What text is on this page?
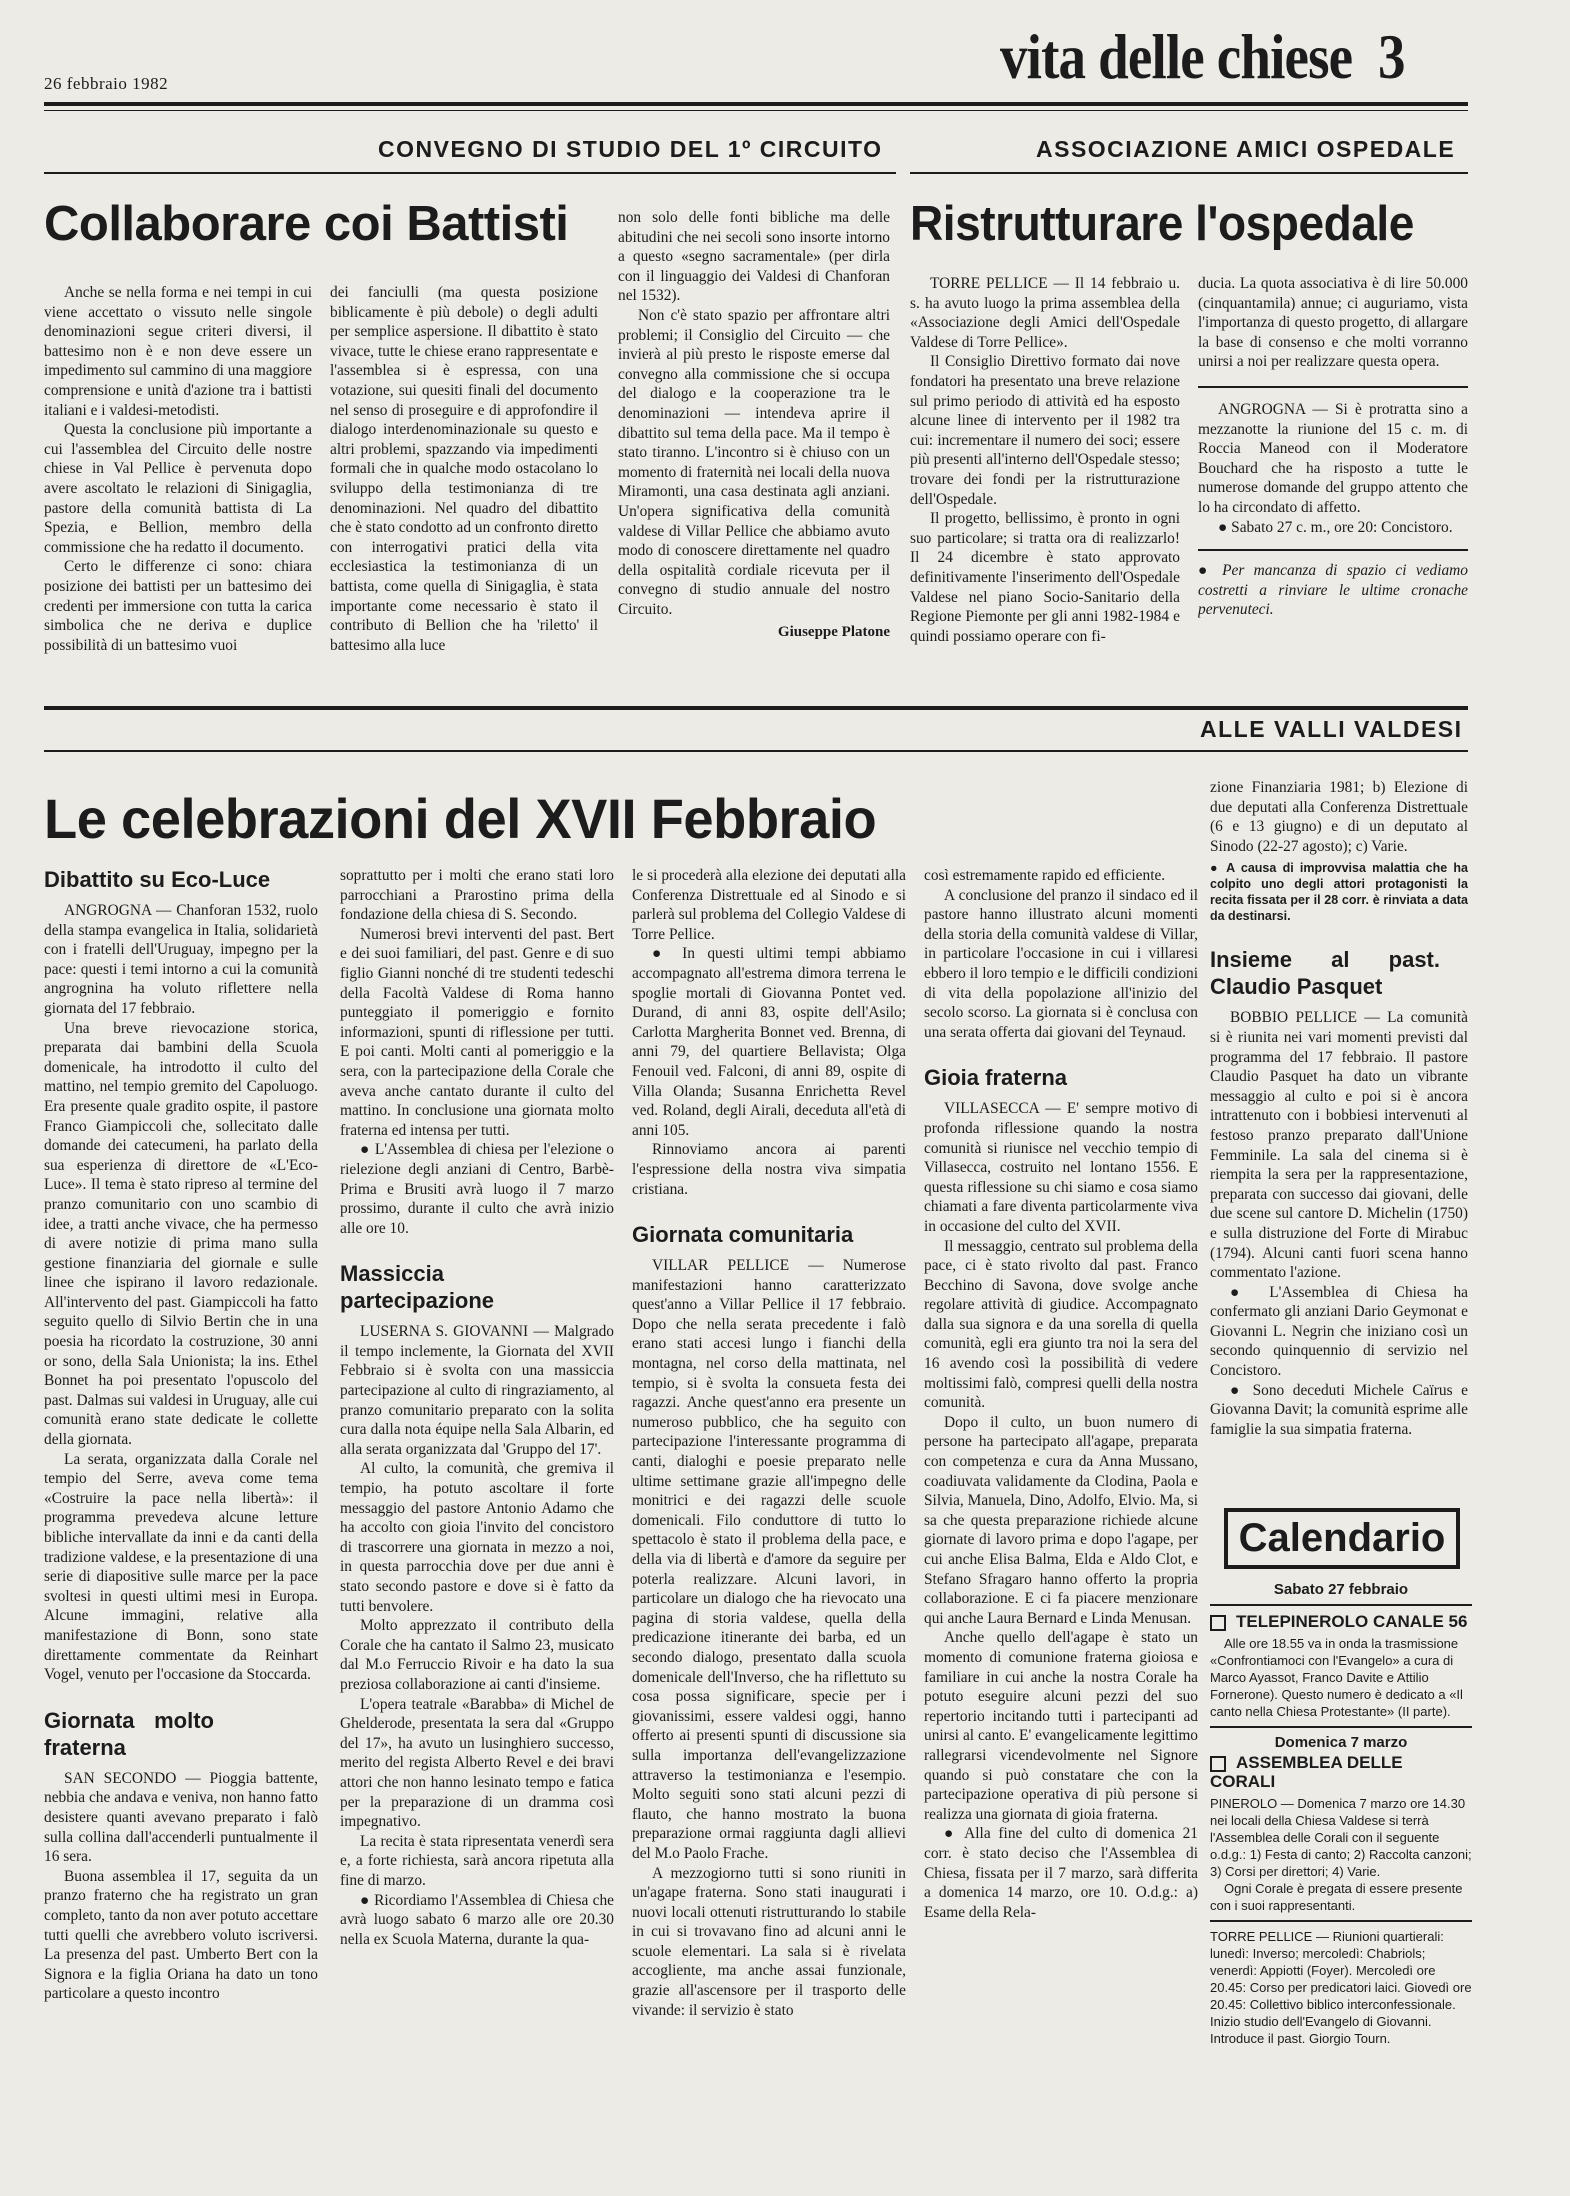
26 febbraio 1982	vita delle chiese 3
CONVEGNO DI STUDIO DEL 1º CIRCUITO
Collaborare coi Battisti

Anche se nella forma e nei tempi in cui viene accettato o vissuto nelle singole denominazioni segue criteri diversi, il battesimo non è e non deve essere un impedimento sul cammino di una maggiore comprensione e unità d'azione tra i battisti italiani e i valdesi-metodisti.

Questa la conclusione più importante a cui l'assemblea del Circuito delle nostre chiese in Val Pellice è pervenuta dopo avere ascoltato le relazioni di Sinigaglia, pastore della comunità battista di La Spezia, e Bellion, membro della commissione che ha redatto il documento.

Certo le differenze ci sono: chiara posizione dei battisti per un battesimo dei credenti per immersione con tutta la carica simbolica che ne deriva e duplice possibilità di un battesimo vuoi

dei fanciulli (ma questa posizione biblicamente è più debole) o degli adulti per semplice aspersione. Il dibattito è stato vivace, tutte le chiese erano rappresentate e l'assemblea si è espressa, con una votazione, sui quesiti finali del documento nel senso di proseguire e di approfondire il dialogo interdenominazionale su questo e altri problemi, spazzando via impedimenti formali che in qualche modo ostacolano lo sviluppo della testimonianza di tre denominazioni. Nel quadro del dibattito che è stato condotto ad un confronto diretto con interrogativi pratici della vita ecclesiastica la testimonianza di un battista, come quella di Sinigaglia, è stata importante come necessario è stato il contributo di Bellion che ha 'riletto' il battesimo alla luce

non solo delle fonti bibliche ma delle abitudini che nei secoli sono insorte intorno a questo «segno sacramentale» (per dirla con il linguaggio dei Valdesi di Chanforan nel 1532).

Non c'è stato spazio per affrontare altri problemi; il Consiglio del Circuito — che invierà al più presto le risposte emerse dal convegno alla commissione che si occupa del dialogo e la cooperazione tra le denominazioni — intendeva aprire il dibattito sul tema della pace. Ma il tempo è stato tiranno. L'incontro si è chiuso con un momento di fraternità nei locali della nuova Miramonti, una casa destinata agli anziani. Un'opera significativa della comunità valdese di Villar Pellice che abbiamo avuto modo di conoscere direttamente nel quadro della ospitalità cordiale ricevuta per il convegno di studio annuale del nostro Circuito.

Giuseppe Platone
ASSOCIAZIONE AMICI OSPEDALE
Ristrutturare l'ospedale

TORRE PELLICE — Il 14 febbraio u. s. ha avuto luogo la prima assemblea della «Associazione degli Amici dell'Ospedale Valdese di Torre Pellice».

Il Consiglio Direttivo formato dai nove fondatori ha presentato una breve relazione sul primo periodo di attività ed ha esposto alcune linee di intervento per il 1982 tra cui: incrementare il numero dei soci; essere più presenti all'interno dell'Ospedale stesso; trovare dei fondi per la ristrutturazione dell'Ospedale.

Il progetto, bellissimo, è pronto in ogni suo particolare; si tratta ora di realizzarlo! Il 24 dicembre è stato approvato definitivamente l'inserimento dell'Ospedale Valdese nel piano Socio-Sanitario della Regione Piemonte per gli anni 1982-1984 e quindi possiamo operare con fi-

ducia. La quota associativa è di lire 50.000 (cinquantamila) annue; ci auguriamo, vista l'importanza di questo progetto, di allargare la base di consenso e che molti vorranno unirsi a noi per realizzare questa opera.

ANGROGNA — Si è protratta sino a mezzanotte la riunione del 15 c. m. di Roccia Maneod con il Moderatore Bouchard che ha risposto a tutte le numerose domande del gruppo attento che lo ha circondato di affetto.

● Sabato 27 c. m., ore 20: Concistoro.

● Per mancanza di spazio ci vediamo costretti a rinviare le ultime cronache pervenuteci.

ALLE VALLI VALDESI
Le celebrazioni del XVII Febbraio
Dibattito su Eco-Luce

ANGROGNA — Chanforan 1532, ruolo della stampa evangelica in Italia, solidarietà con i fratelli dell'Uruguay, impegno per la pace: questi i temi intorno a cui la comunità angrognina ha voluto riflettere nella giornata del 17 febbraio.

Una breve rievocazione storica, preparata dai bambini della Scuola domenicale, ha introdotto il culto del mattino, nel tempio gremito del Capoluogo. Era presente quale gradito ospite, il pastore Franco Giampiccoli che, sollecitato dalle domande dei catecumeni, ha parlato della sua esperienza di direttore de «L'Eco-Luce». Il tema è stato ripreso al termine del pranzo comunitario con uno scambio di idee, a tratti anche vivace, che ha permesso di avere notizie di prima mano sulla gestione finanziaria del giornale e sulle linee che ispirano il lavoro redazionale. All'intervento del past. Giampiccoli ha fatto seguito quello di Silvio Bertin che in una poesia ha ricordato la costruzione, 30 anni or sono, della Sala Unionista; la ins. Ethel Bonnet ha poi presentato l'opuscolo del past. Dalmas sui valdesi in Uruguay, alle cui comunità erano state dedicate le collette della giornata.

La serata, organizzata dalla Corale nel tempio del Serre, aveva come tema «Costruire la pace nella libertà»: il programma prevedeva alcune letture bibliche intervallate da inni e da canti della tradizione valdese, e la presentazione di una serie di diapositive sulle marce per la pace svoltesi in questi ultimi mesi in Europa. Alcune immagini, relative alla manifestazione di Bonn, sono state direttamente commentate da Reinhart Vogel, venuto per l'occasione da Stoccarda.

Giornata molto fraterna

SAN SECONDO — Pioggia battente, nebbia che andava e veniva, non hanno fatto desistere quanti avevano preparato i falò sulla collina dall'accenderli puntualmente il 16 sera.

Buona assemblea il 17, seguita da un pranzo fraterno che ha registrato un gran completo, tanto da non aver potuto accettare tutti quelli che avrebbero voluto iscriversi. La presenza del past. Umberto Bert con la Signora e la figlia Oriana ha dato un tono particolare a questo incontro

soprattutto per i molti che erano stati loro parrocchiani a Prarostino prima della fondazione della chiesa di S. Secondo.

Numerosi brevi interventi del past. Bert e dei suoi familiari, del past. Genre e di suo figlio Gianni nonché di tre studenti tedeschi della Facoltà Valdese di Roma hanno punteggiato il pomeriggio e fornito informazioni, spunti di riflessione per tutti. E poi canti. Molti canti al pomeriggio e la sera, con la partecipazione della Corale che aveva anche cantato durante il culto del mattino. In conclusione una giornata molto fraterna ed intensa per tutti.

● L'Assemblea di chiesa per l'elezione o rielezione degli anziani di Centro, Barbè-Prima e Brusiti avrà luogo il 7 marzo prossimo, durante il culto che avrà inizio alle ore 10.

Massiccia partecipazione

LUSERNA S. GIOVANNI — Malgrado il tempo inclemente, la Giornata del XVII Febbraio si è svolta con una massiccia partecipazione al culto di ringraziamento, al pranzo comunitario preparato con la solita cura dalla nota équipe nella Sala Albarin, ed alla serata organizzata dal 'Gruppo del 17'.

Al culto, la comunità, che gremiva il tempio, ha potuto ascoltare il forte messaggio del pastore Antonio Adamo che ha accolto con gioia l'invito del concistoro di trascorrere una giornata in mezzo a noi, in questa parrocchia dove per due anni è stato secondo pastore e dove si è fatto da tutti benvolere.

Molto apprezzato il contributo della Corale che ha cantato il Salmo 23, musicato dal M.o Ferruccio Rivoir e ha dato la sua preziosa collaborazione ai canti d'insieme.

L'opera teatrale «Barabba» di Michel de Ghelderode, presentata la sera dal «Gruppo del 17», ha avuto un lusinghiero successo, merito del regista Alberto Revel e dei bravi attori che non hanno lesinato tempo e fatica per la preparazione di un dramma così impegnativo.

La recita è stata ripresentata venerdì sera e, a forte richiesta, sarà ancora ripetuta alla fine di marzo.

● Ricordiamo l'Assemblea di Chiesa che avrà luogo sabato 6 marzo alle ore 20.30 nella ex Scuola Materna, durante la qua-

le si procederà alla elezione dei deputati alla Conferenza Distrettuale ed al Sinodo e si parlerà sul problema del Collegio Valdese di Torre Pellice.

● In questi ultimi tempi abbiamo accompagnato all'estrema dimora terrena le spoglie mortali di Giovanna Pontet ved. Durand, di anni 83, ospite dell'Asilo; Carlotta Margherita Bonnet ved. Brenna, di anni 79, del quartiere Bellavista; Olga Fenouil ved. Falconi, di anni 89, ospite di Villa Olanda; Susanna Enrichetta Revel ved. Roland, degli Airali, deceduta all'età di anni 105.

Rinnoviamo ancora ai parenti l'espressione della nostra viva simpatia cristiana.

Giornata comunitaria

VILLAR PELLICE — Numerose manifestazioni hanno caratterizzato quest'anno a Villar Pellice il 17 febbraio. Dopo che nella serata precedente i falò erano stati accesi lungo i fianchi della montagna, nel corso della mattinata, nel tempio, si è svolta la consueta festa dei ragazzi. Anche quest'anno era presente un numeroso pubblico, che ha seguito con partecipazione l'interessante programma di canti, dialoghi e poesie preparato nelle ultime settimane grazie all'impegno delle monitrici e dei ragazzi delle scuole domenicali. Filo conduttore di tutto lo spettacolo è stato il problema della pace, e della via di libertà e d'amore da seguire per poterla realizzare. Alcuni lavori, in particolare un dialogo che ha rievocato una pagina di storia valdese, quella della predicazione itinerante dei barba, ed un secondo dialogo, presentato dalla scuola domenicale dell'Inverso, che ha riflettuto su cosa possa significare, specie per i giovanissimi, essere valdesi oggi, hanno offerto ai presenti spunti di discussione sia sulla importanza dell'evangelizzazione attraverso la testimonianza e l'esempio. Molto seguiti sono stati alcuni pezzi di flauto, che hanno mostrato la buona preparazione ormai raggiunta dagli allievi del M.o Paolo Frache.

A mezzogiorno tutti si sono riuniti in un'agape fraterna. Sono stati inaugurati i nuovi locali ottenuti ristrutturando lo stabile in cui si trovavano fino ad alcuni anni le scuole elementari. La sala si è rivelata accogliente, ma anche assai funzionale, grazie all'ascensore per il trasporto delle vivande: il servizio è stato

così estremamente rapido ed efficiente.

A conclusione del pranzo il sindaco ed il pastore hanno illustrato alcuni momenti della storia della comunità valdese di Villar, in particolare l'occasione in cui i villaresi ebbero il loro tempio e le difficili condizioni di vita della popolazione all'inizio del secolo scorso. La giornata si è conclusa con una serata offerta dai giovani del Teynaud.

Gioia fraterna

VILLASECCA — E' sempre motivo di profonda riflessione quando la nostra comunità si riunisce nel vecchio tempio di Villasecca, costruito nel lontano 1556. E questa riflessione su chi siamo e cosa siamo chiamati a fare diventa particolarmente viva in occasione del culto del XVII.

Il messaggio, centrato sul problema della pace, ci è stato rivolto dal past. Franco Becchino di Savona, dove svolge anche regolare attività di giudice. Accompagnato dalla sua signora e da una sorella di quella comunità, egli era giunto tra noi la sera del 16 avendo così la possibilità di vedere moltissimi falò, compresi quelli della nostra comunità.

Dopo il culto, un buon numero di persone ha partecipato all'agape, preparata con competenza e cura da Anna Mussano, coadiuvata validamente da Clodina, Paola e Silvia, Manuela, Dino, Adolfo, Elvio. Ma, si sa che questa preparazione richiede alcune giornate di lavoro prima e dopo l'agape, per cui anche Elisa Balma, Elda e Aldo Clot, e Stefano Sfragaro hanno offerto la propria collaborazione. E ci fa piacere menzionare qui anche Laura Bernard e Linda Menusan.

Anche quello dell'agape è stato un momento di comunione fraterna gioiosa e familiare in cui anche la nostra Corale ha potuto eseguire alcuni pezzi del suo repertorio incitando tutti i partecipanti ad unirsi al canto. E' evangelicamente legittimo rallegrarsi vicendevolmente nel Signore quando si può constatare che con la partecipazione operativa di più persone si realizza una giornata di gioia fraterna.

● Alla fine del culto di domenica 21 corr. è stato deciso che l'Assemblea di Chiesa, fissata per il 7 marzo, sarà differita a domenica 14 marzo, ore 10. O.d.g.: a) Esame della Rela-

zione Finanziaria 1981; b) Elezione di due deputati alla Conferenza Distrettuale (6 e 13 giugno) e di un deputato al Sinodo (22-27 agosto); c) Varie.

● A causa di improvvisa malattia che ha colpito uno degli attori protagonisti la recita fissata per il 28 corr. è rinviata a data da destinarsi.

Insieme al past. Claudio Pasquet

BOBBIO PELLICE — La comunità si è riunita nei vari momenti previsti dal programma del 17 febbraio. Il pastore Claudio Pasquet ha dato un vibrante messaggio al culto e poi si è ancora intrattenuto con i bobbiesi intervenuti al festoso pranzo preparato dall'Unione Femminile. La sala del cinema si è riempita la sera per la rappresentazione, preparata con successo dai giovani, delle due scene sul cantore D. Michelin (1750) e sulla distruzione del Forte di Mirabuc (1794). Alcuni canti fuori scena hanno commentato l'azione.

● L'Assemblea di Chiesa ha confermato gli anziani Dario Geymonat e Giovanni L. Negrin che iniziano così un secondo quinquennio di servizio nel Concistoro.

● Sono deceduti Michele Caïrus e Giovanna Davit; la comunità esprime alle famiglie la sua simpatia fraterna.

Calendario
Sabato 27 febbraio
TELEPINEROLO CANALE 56
Alle ore 18.55 va in onda la trasmissione «Confrontiamoci con l'Evangelo» a cura di Marco Ayassot, Franco Davite e Attilio Fornerone). Questo numero è dedicato a «Il canto nella Chiesa Protestante» (II parte).
Domenica 7 marzo
ASSEMBLEA DELLE CORALI
PINEROLO — Domenica 7 marzo ore 14.30 nei locali della Chiesa Valdese si terrà l'Assemblea delle Corali con il seguente o.d.g.: 1) Festa di canto; 2) Raccolta canzoni; 3) Corsi per direttori; 4) Varie.
Ogni Corale è pregata di essere presente con i suoi rappresentanti.
TORRE PELLICE — Riunioni quartierali: lunedì: Inverso; mercoledì: Chabriols; venerdì: Appiotti (Foyer). Mercoledì ore 20.45: Corso per predicatori laici. Giovedì ore 20.45: Collettivo biblico interconfessionale. Inizio studio dell'Evangelo di Giovanni. Introduce il past. Giorgio Tourn.
